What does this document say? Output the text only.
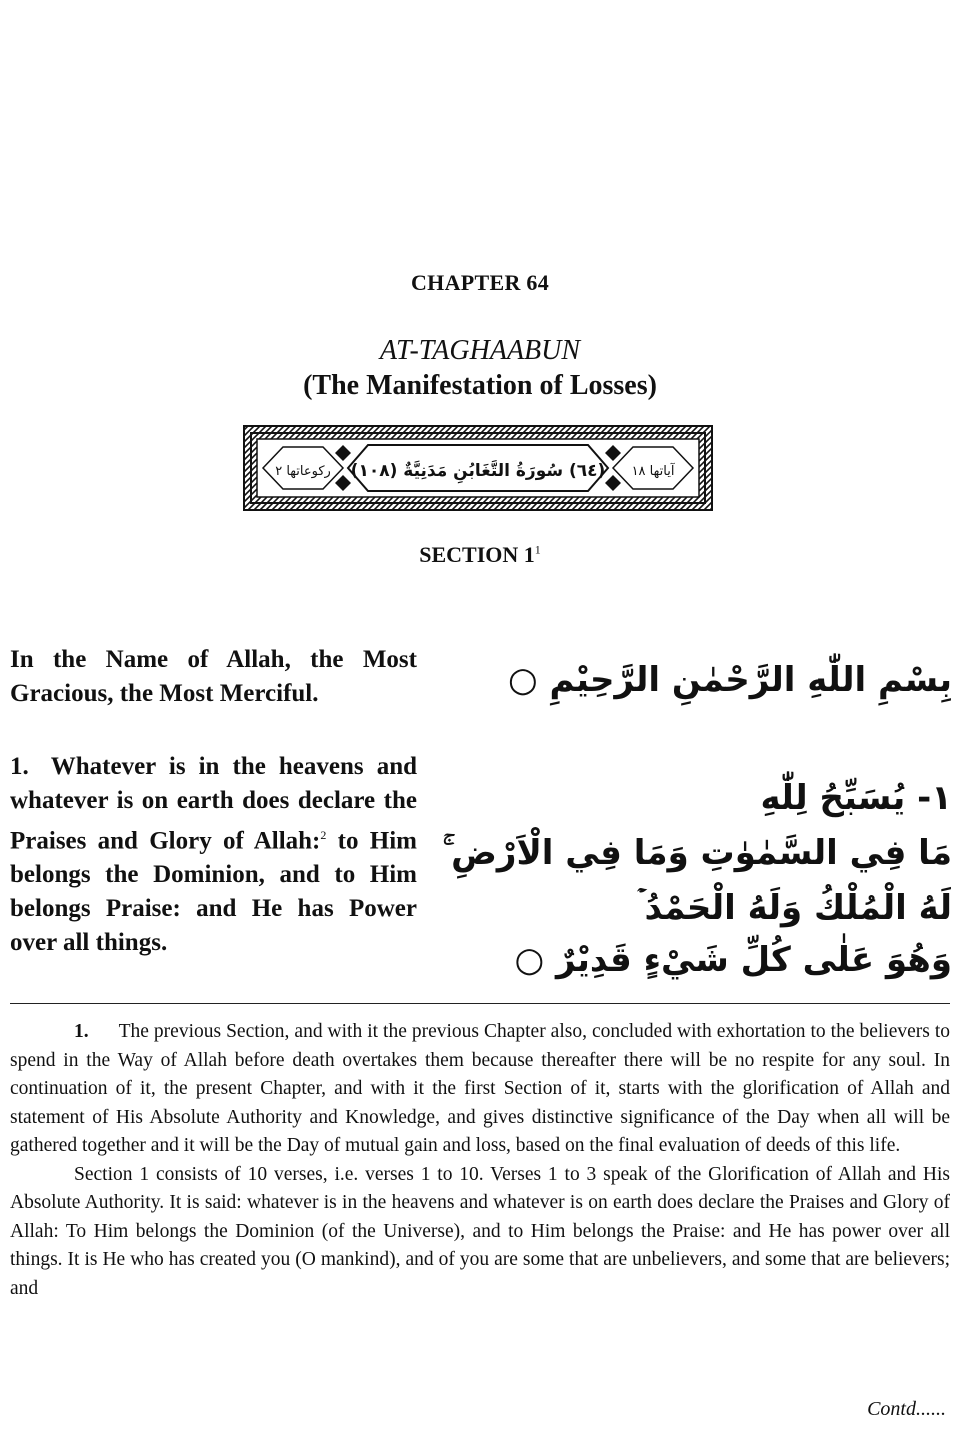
CHAPTER 64
AT-TAGHAABUN
(The Manifestation of Losses)
ركوعاتها ٢ (٦٤) سُورَةُ التَّغَابُنِ مَدَنِيَّةٌ (١٠٨) آياتها ١٨
SECTION $1^1$
In the Name of Allah, the Most Gracious, the Most Merciful.	بِسْمِ اللّٰهِ الرَّحْمٰنِ الرَّحِيْمِ ○
1. Whatever is in the heavens and whatever is on earth does declare the Praises and Glory of Allah:$^2$ to Him belongs the Dominion, and to Him belongs Praise: and He has Power over all things.
١- يُسَبِّحُ لِلّٰهِ
مَا فِي السَّمٰوٰتِ وَمَا فِي الْاَرْضِ ۚ
لَهُ الْمُلْكُ وَلَهُ الْحَمْدُ ۡ
وَهُوَ عَلٰى كُلِّ شَيْءٍ قَدِيْرٌ ○

1. The previous Section, and with it the previous Chapter also, concluded with exhortation to the believers to spend in the Way of Allah before death overtakes them because thereafter there will be no respite for any soul. In continuation of it, the present Chapter, and with it the first Section of it, starts with the glorification of Allah and statement of His Absolute Authority and Knowledge, and gives distinctive significance of the Day when all will be gathered together and it will be the Day of mutual gain and loss, based on the final evaluation of deeds of this life.

Section 1 consists of 10 verses, i.e. verses 1 to 10. Verses 1 to 3 speak of the Glorification of Allah and His Absolute Authority. It is said: whatever is in the heavens and whatever is on earth does declare the Praises and Glory of Allah: To Him belongs the Dominion (of the Universe), and to Him belongs the Praise: and He has power over all things. It is He who has created you (O mankind), and of you are some that are unbelievers, and some that are believers; and

Contd......
